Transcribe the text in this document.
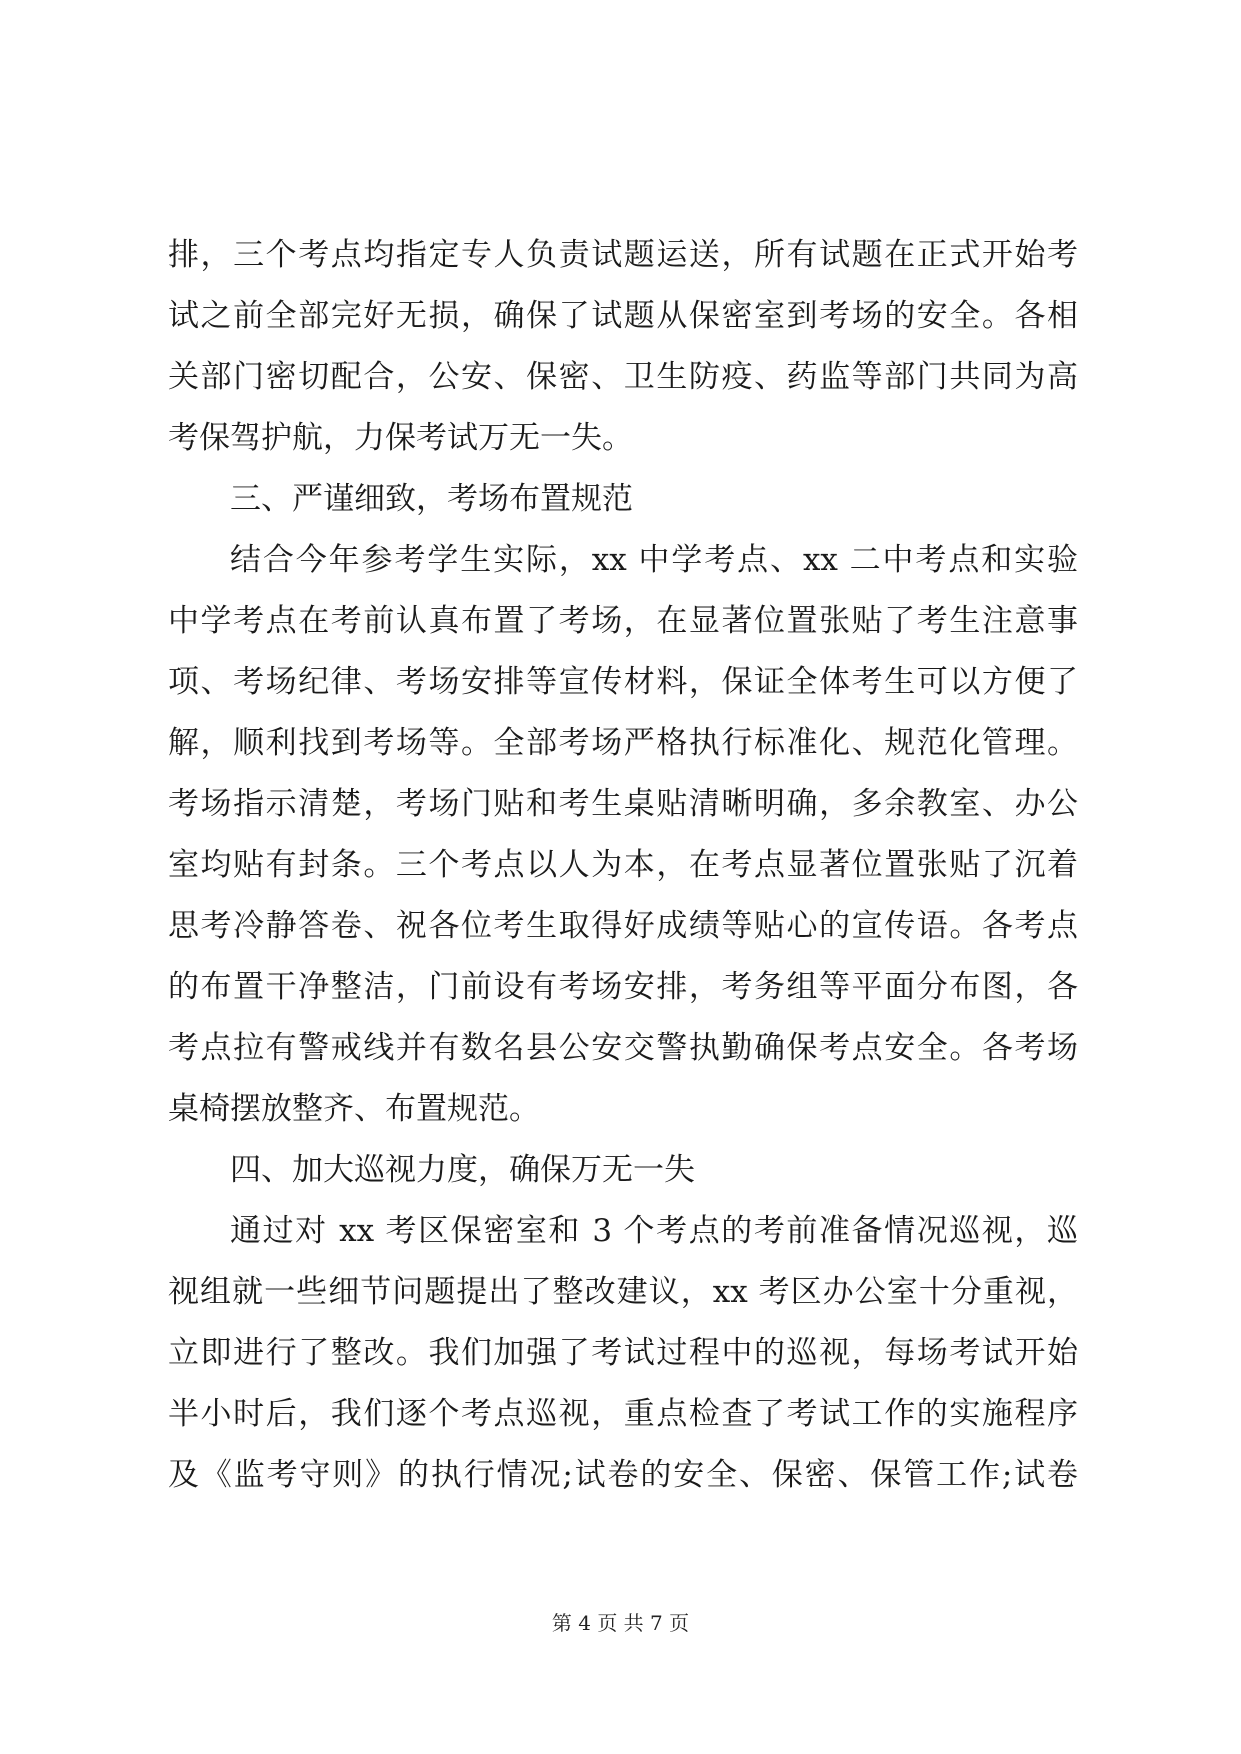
排，三个考点均指定专人负责试题运送，所有试题在正式开始考
试之前全部完好无损，确保了试题从保密室到考场的安全。各相
关部门密切配合，公安、保密、卫生防疫、药监等部门共同为高
考保驾护航，力保考试万无一失。
三、严谨细致，考场布置规范
结合今年参考学生实际，xx 中学考点、xx 二中考点和实验
中学考点在考前认真布置了考场，在显著位置张贴了考生注意事
项、考场纪律、考场安排等宣传材料，保证全体考生可以方便了
解，顺利找到考场等。全部考场严格执行标准化、规范化管理。
考场指示清楚，考场门贴和考生桌贴清晰明确，多余教室、办公
室均贴有封条。三个考点以人为本，在考点显著位置张贴了沉着
思考冷静答卷、祝各位考生取得好成绩等贴心的宣传语。各考点
的布置干净整洁，门前设有考场安排，考务组等平面分布图，各
考点拉有警戒线并有数名县公安交警执勤确保考点安全。各考场
桌椅摆放整齐、布置规范。
四、加大巡视力度，确保万无一失
通过对 xx 考区保密室和 3 个考点的考前准备情况巡视，巡
视组就一些细节问题提出了整改建议，xx 考区办公室十分重视，
立即进行了整改。我们加强了考试过程中的巡视，每场考试开始
半小时后，我们逐个考点巡视，重点检查了考试工作的实施程序
及《监考守则》的执行情况;试卷的安全、保密、保管工作;试卷
第 4 页 共 7 页
